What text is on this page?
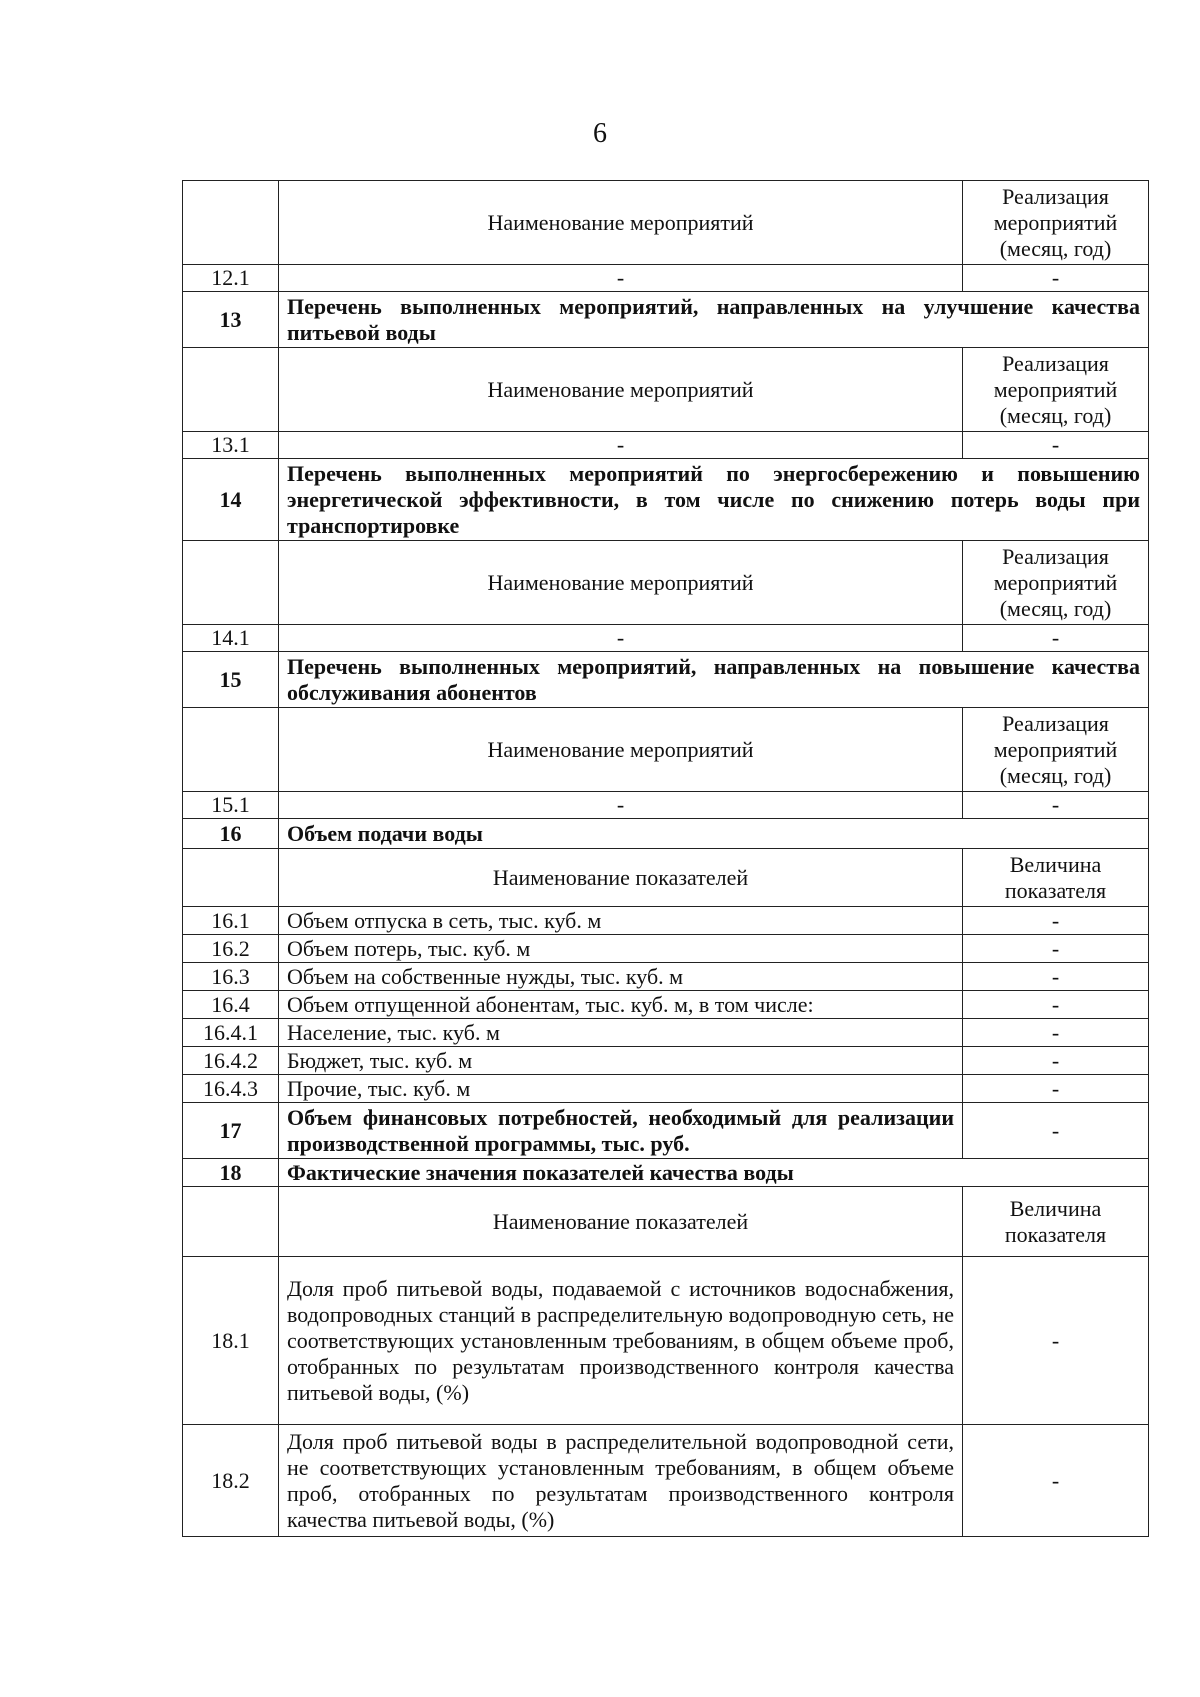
6
	Наименование мероприятий	Реализация мероприятий (месяц, год)
12.1	-	-
13	Перечень выполненных мероприятий, направленных на улучшение качества питьевой воды	
	Наименование мероприятий	Реализация мероприятий (месяц, год)
13.1	-	-
14	Перечень выполненных мероприятий по энергосбережению и повышению энергетической эффективности, в том числе по снижению потерь воды при транспортировке	
	Наименование мероприятий	Реализация мероприятий (месяц, год)
14.1	-	-
15	Перечень выполненных мероприятий, направленных на повышение качества обслуживания абонентов	
	Наименование мероприятий	Реализация мероприятий (месяц, год)
15.1	-	-
16	Объем подачи воды	
	Наименование показателей	Величина показателя
16.1	Объем отпуска в сеть, тыс. куб. м	-
16.2	Объем потерь, тыс. куб. м	-
16.3	Объем на собственные нужды, тыс. куб. м	-
16.4	Объем отпущенной абонентам, тыс. куб. м, в том числе:	-
16.4.1	Население, тыс. куб. м	-
16.4.2	Бюджет, тыс. куб. м	-
16.4.3	Прочие, тыс. куб. м	-
17	Объем финансовых потребностей, необходимый для реализации производственной программы, тыс. руб.	-
18	Фактические значения показателей качества воды	
	Наименование показателей	Величина показателя
18.1	Доля проб питьевой воды, подаваемой с источников водоснабжения, водопроводных станций в распределительную водопроводную сеть, не соответствующих установленным требованиям, в общем объеме проб, отобранных по результатам производственного контроля качества питьевой воды, (%)	-
18.2	Доля проб питьевой воды в распределительной водопроводной сети, не соответствующих установленным требованиям, в общем объеме проб, отобранных по результатам производственного контроля качества питьевой воды, (%)	-
